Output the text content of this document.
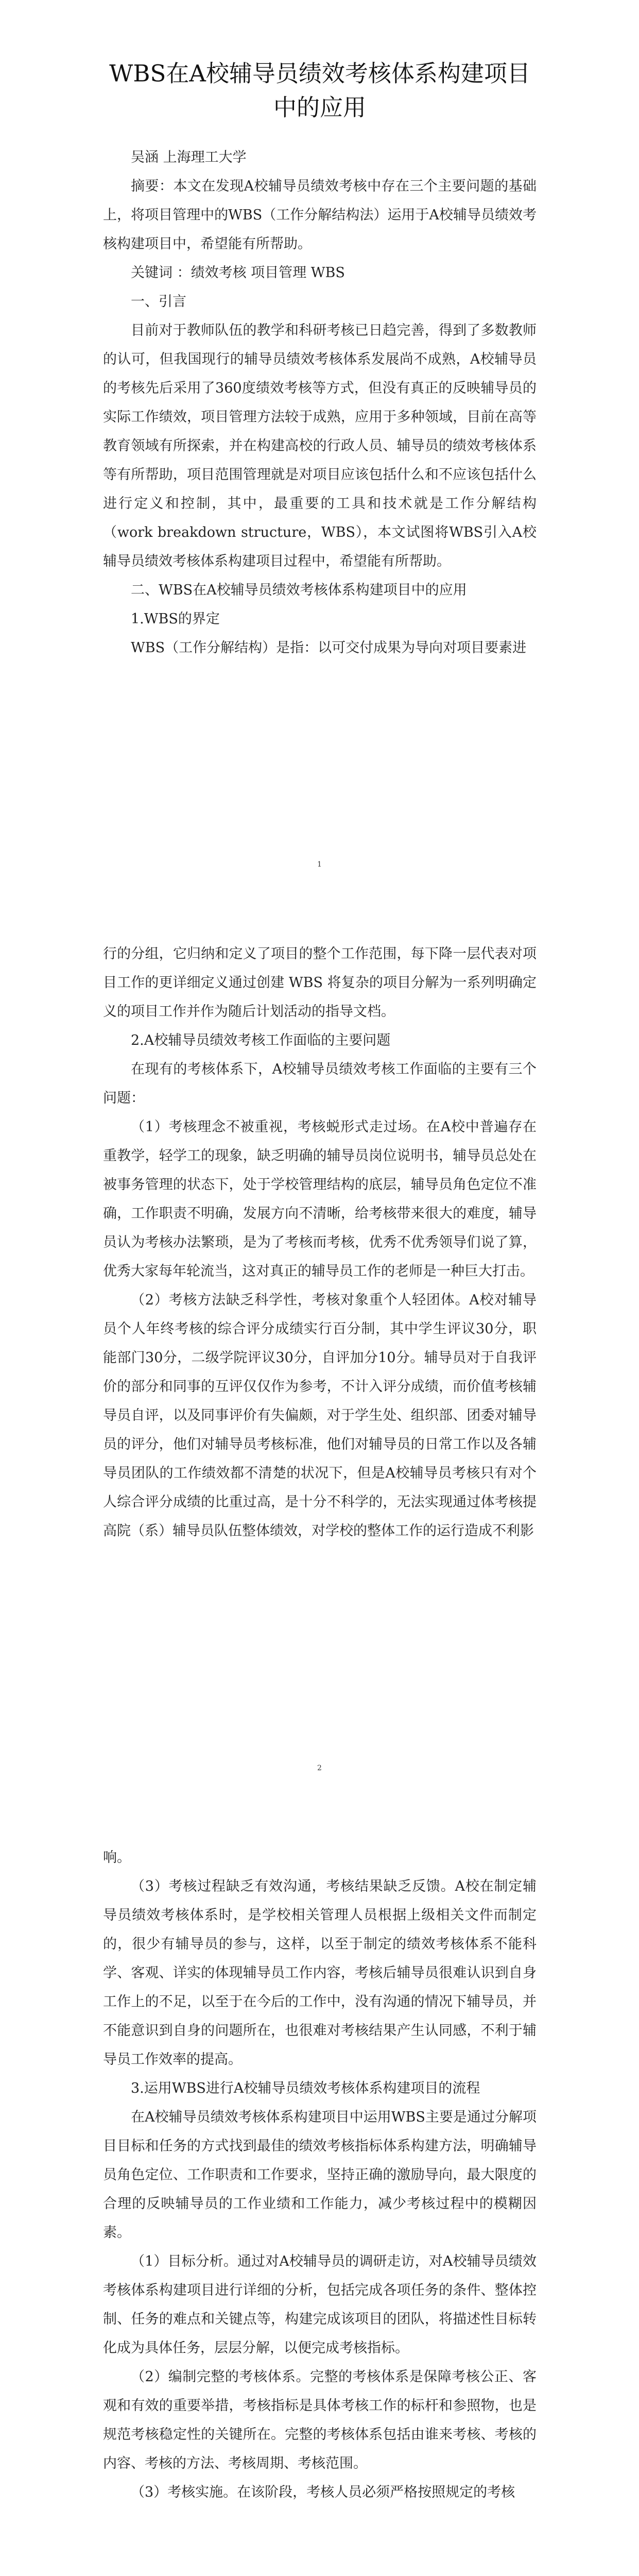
WBS在A校辅导员绩效考核体系构建项目中的应用

吴涵 上海理工大学

摘要：本文在发现A校辅导员绩效考核中存在三个主要问题的基础上，将项目管理中的WBS（工作分解结构法）运用于A校辅导员绩效考核构建项目中，希望能有所帮助。

关键词 ：绩效考核 项目管理 WBS

一、引言

目前对于教师队伍的教学和科研考核已日趋完善，得到了多数教师的认可，但我国现行的辅导员绩效考核体系发展尚不成熟，A校辅导员的考核先后采用了360度绩效考核等方式，但没有真正的反映辅导员的实际工作绩效，项目管理方法较于成熟，应用于多种领域，目前在高等教育领域有所探索，并在构建高校的行政人员、辅导员的绩效考核体系等有所帮助，项目范围管理就是对项目应该包括什么和不应该包括什么进行定义和控制，其中，最重要的工具和技术就是工作分解结构（work breakdown structure，WBS），本文试图将WBS引入A校辅导员绩效考核体系构建项目过程中，希望能有所帮助。

二、WBS在A校辅导员绩效考核体系构建项目中的应用

1.WBS的界定

WBS（工作分解结构）是指：以可交付成果为导向对项目要素进

1

行的分组，它归纳和定义了项目的整个工作范围，每下降一层代表对项目工作的更详细定义通过创建 WBS 将复杂的项目分解为一系列明确定义的项目工作并作为随后计划活动的指导文档。

2.A校辅导员绩效考核工作面临的主要问题

在现有的考核体系下，A校辅导员绩效考核工作面临的主要有三个问题：

（1）考核理念不被重视，考核蜕形式走过场。在A校中普遍存在重教学，轻学工的现象，缺乏明确的辅导员岗位说明书，辅导员总处在被事务管理的状态下，处于学校管理结构的底层，辅导员角色定位不准确，工作职责不明确，发展方向不清晰，给考核带来很大的难度，辅导员认为考核办法繁琐，是为了考核而考核，优秀不优秀领导们说了算，优秀大家每年轮流当，这对真正的辅导员工作的老师是一种巨大打击。

（2）考核方法缺乏科学性，考核对象重个人轻团体。A校对辅导员个人年终考核的综合评分成绩实行百分制，其中学生评议30分，职能部门30分，二级学院评议30分，自评加分10分。辅导员对于自我评价的部分和同事的互评仅仅作为参考，不计入评分成绩，而价值考核辅导员自评，以及同事评价有失偏颇，对于学生处、组织部、团委对辅导员的评分，他们对辅导员考核标准，他们对辅导员的日常工作以及各辅导员团队的工作绩效都不清楚的状况下，但是A校辅导员考核只有对个人综合评分成绩的比重过高，是十分不科学的，无法实现通过体考核提高院（系）辅导员队伍整体绩效，对学校的整体工作的运行造成不利影

2

响。

（3）考核过程缺乏有效沟通，考核结果缺乏反馈。A校在制定辅导员绩效考核体系时，是学校相关管理人员根据上级相关文件而制定的，很少有辅导员的参与，这样，以至于制定的绩效考核体系不能科学、客观、详实的体现辅导员工作内容，考核后辅导员很难认识到自身工作上的不足，以至于在今后的工作中，没有沟通的情况下辅导员，并不能意识到自身的问题所在，也很难对考核结果产生认同感，不利于辅导员工作效率的提高。

3.运用WBS进行A校辅导员绩效考核体系构建项目的流程

在A校辅导员绩效考核体系构建项目中运用WBS主要是通过分解项目目标和任务的方式找到最佳的绩效考核指标体系构建方法，明确辅导员角色定位、工作职责和工作要求，坚持正确的激励导向，最大限度的合理的反映辅导员的工作业绩和工作能力，减少考核过程中的模糊因素。

（1）目标分析。通过对A校辅导员的调研走访，对A校辅导员绩效考核体系构建项目进行详细的分析，包括完成各项任务的条件、整体控制、任务的难点和关键点等，构建完成该项目的团队，将描述性目标转化成为具体任务，层层分解，以便完成考核指标。

（2）编制完整的考核体系。完整的考核体系是保障考核公正、客观和有效的重要举措，考核指标是具体考核工作的标杆和参照物，也是规范考核稳定性的关键所在。完整的考核体系包括由谁来考核、考核的内容、考核的方法、考核周期、考核范围。

（3）考核实施。在该阶段，考核人员必须严格按照规定的考核
